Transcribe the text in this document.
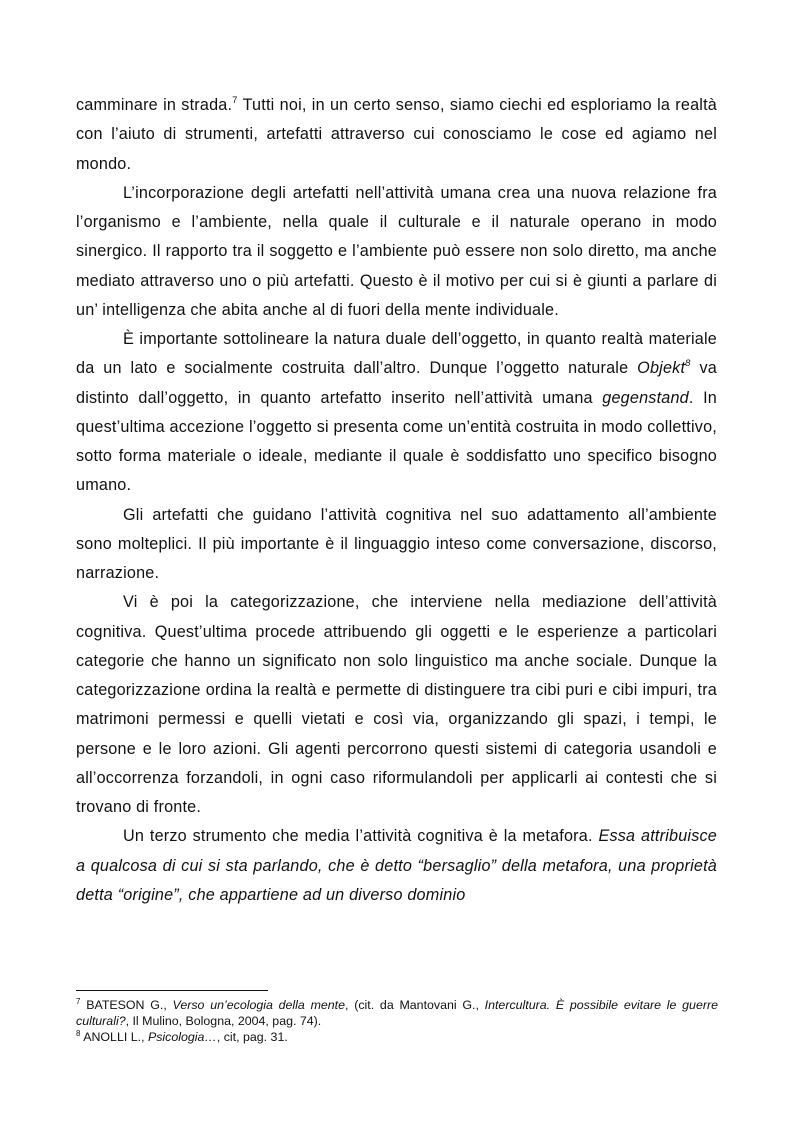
camminare in strada.$^7$ Tutti noi, in un certo senso, siamo ciechi ed esploriamo la realtà con l’aiuto di strumenti, artefatti attraverso cui conosciamo le cose ed agiamo nel mondo.

L’incorporazione degli artefatti nell’attività umana crea una nuova relazione fra l’organismo e l’ambiente, nella quale il culturale e il naturale operano in modo sinergico. Il rapporto tra il soggetto e l’ambiente può essere non solo diretto, ma anche mediato attraverso uno o più artefatti. Questo è il motivo per cui si è giunti a parlare di un’ intelligenza che abita anche al di fuori della mente individuale.

È importante sottolineare la natura duale dell’oggetto, in quanto realtà materiale da un lato e socialmente costruita dall’altro. Dunque l’oggetto naturale Objekt$^8$ va distinto dall’oggetto, in quanto artefatto inserito nell’attività umana gegenstand. In quest’ultima accezione l’oggetto si presenta come un’entità costruita in modo collettivo, sotto forma materiale o ideale, mediante il quale è soddisfatto uno specifico bisogno umano.

Gli artefatti che guidano l’attività cognitiva nel suo adattamento all’ambiente sono molteplici. Il più importante è il linguaggio inteso come conversazione, discorso, narrazione.

Vi è poi la categorizzazione, che interviene nella mediazione dell’attività cognitiva. Quest’ultima procede attribuendo gli oggetti e le esperienze a particolari categorie che hanno un significato non solo linguistico ma anche sociale. Dunque la categorizzazione ordina la realtà e permette di distinguere tra cibi puri e cibi impuri, tra matrimoni permessi e quelli vietati e così via, organizzando gli spazi, i tempi, le persone e le loro azioni. Gli agenti percorrono questi sistemi di categoria usandoli e all’occorrenza forzandoli, in ogni caso riformulandoli per applicarli ai contesti che si trovano di fronte.

Un terzo strumento che media l’attività cognitiva è la metafora. Essa attribuisce a qualcosa di cui si sta parlando, che è detto “bersaglio” della metafora, una proprietà detta “origine”, che appartiene ad un diverso dominio

$^7$ BATESON G., Verso un’ecologia della mente, (cit. da Mantovani G., Intercultura. È possibile evitare le guerre culturali?, Il Mulino, Bologna, 2004, pag. 74).

$^8$ ANOLLI L., Psicologia…, cit, pag. 31.
